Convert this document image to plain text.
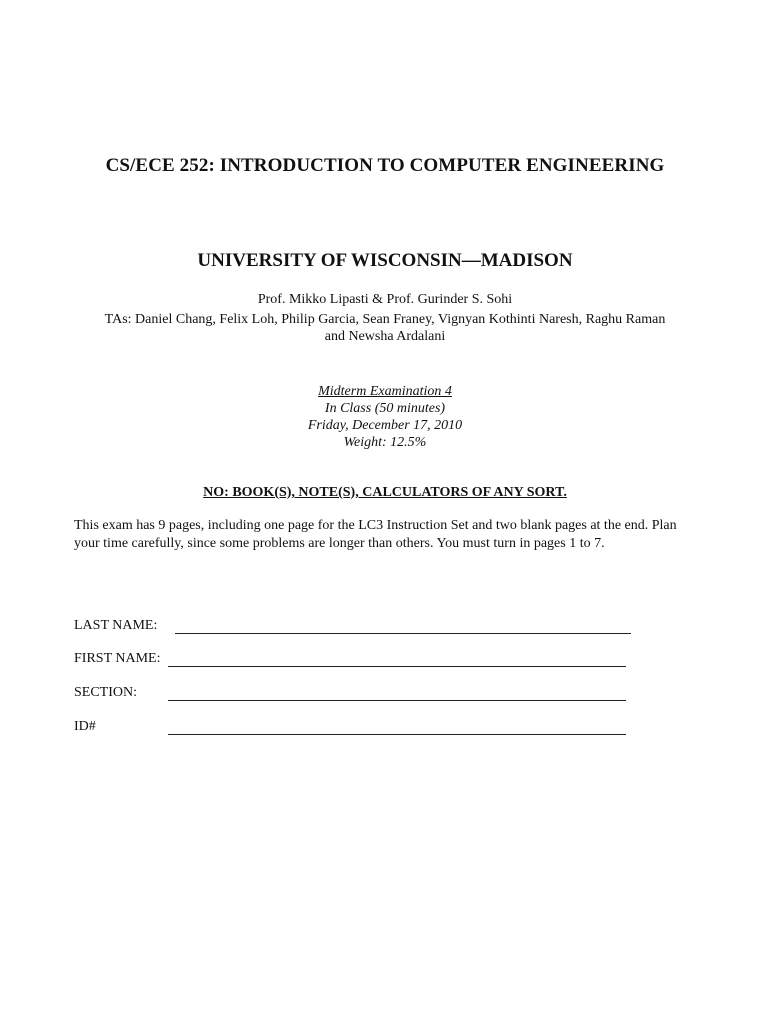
CS/ECE 252: INTRODUCTION TO COMPUTER ENGINEERING
UNIVERSITY OF WISCONSIN—MADISON
Prof. Mikko Lipasti & Prof. Gurinder S. Sohi
TAs: Daniel Chang, Felix Loh, Philip Garcia, Sean Franey, Vignyan Kothinti Naresh, Raghu Raman
and Newsha Ardalani
Midterm Examination 4
In Class (50 minutes)
Friday, December 17, 2010
Weight: 12.5%
NO: BOOK(S), NOTE(S), CALCULATORS OF ANY SORT.
This exam has 9 pages, including one page for the LC3 Instruction Set and two blank pages at the end. Plan your time carefully, since some problems are longer than others. You must turn in pages 1 to 7.
LAST NAME:
FIRST NAME:
SECTION:
ID#
